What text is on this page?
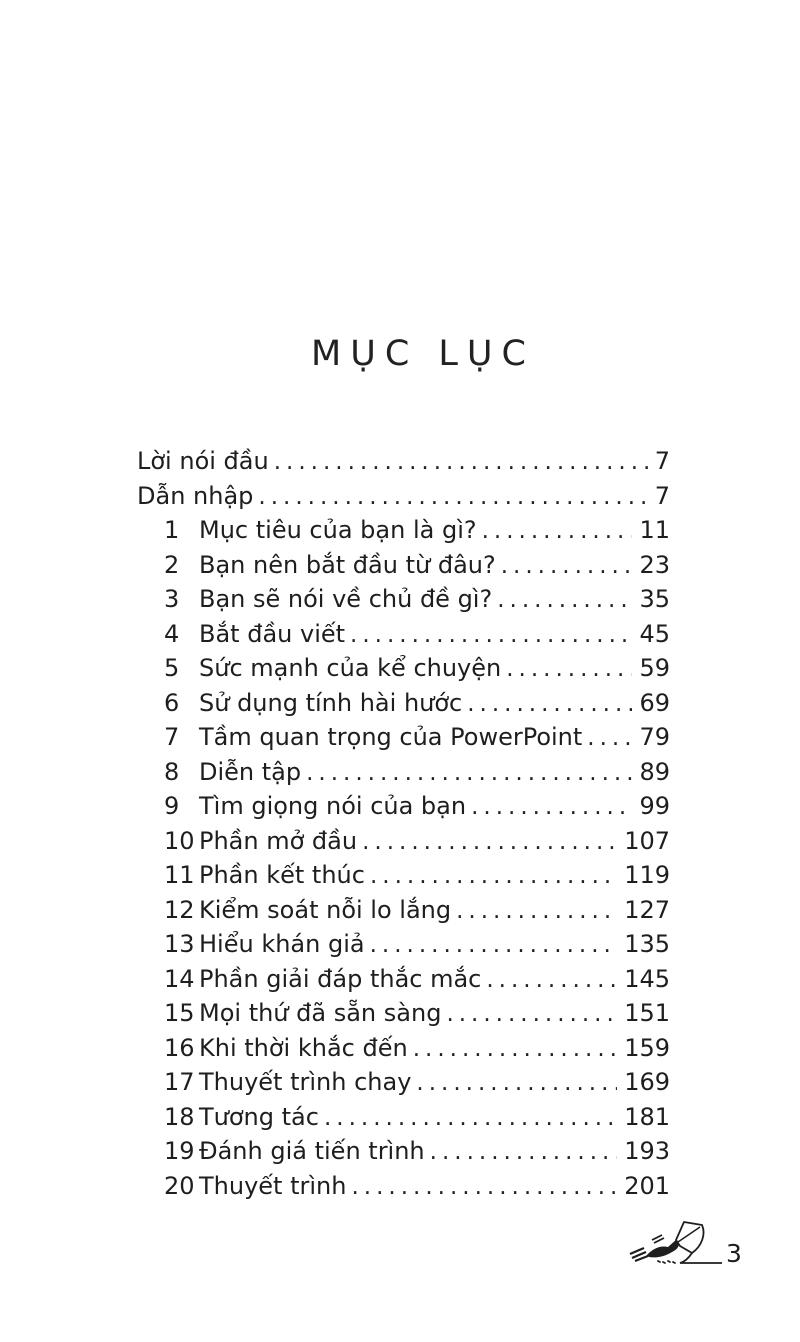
MỤC LỤC
Lời nói đầu .....	7
Dẫn nhập .....	7
1 Mục tiêu của bạn là gì? .....	11
2 Bạn nên bắt đầu từ đâu? .....	23
3 Bạn sẽ nói về chủ đề gì? .....	35
4 Bắt đầu viết .....	45
5 Sức mạnh của kể chuyện .....	59
6 Sử dụng tính hài hước .....	69
7 Tầm quan trọng của PowerPoint ..... 79
8 Diễn tập .....	89
9 Tìm giọng nói của bạn .....	99
10 Phần mở đầu .....	107
11 Phần kết thúc .....	119
12 Kiểm soát nỗi lo lắng .....	127
13 Hiểu khán giả .....	135
14 Phần giải đáp thắc mắc .....	145
15 Mọi thứ đã sẵn sàng .....	151
16 Khi thời khắc đến .....	159
17 Thuyết trình chay .....	169
18 Tương tác .....	181
19 Đánh giá tiến trình .....	193
20 Thuyết trình .....	201
3
